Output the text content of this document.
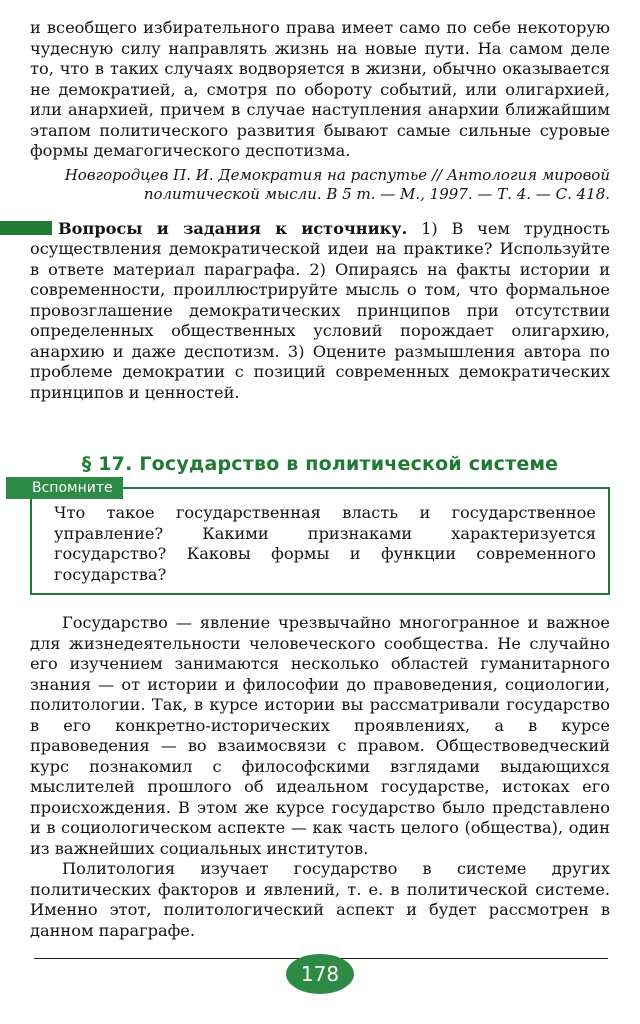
и всеобщего избирательного права имеет само по себе некоторую чудесную силу направлять жизнь на новые пути. На самом деле то, что в таких случаях водворяется в жизни, обычно оказывается не демократией, а, смотря по обороту событий, или олигархией, или анархией, причем в случае наступления анархии ближайшим этапом политического развития бывают самые сильные суровые формы демагогического деспотизма.

Новгородцев П. И. Демократия на распутье // Антология мировой политической мысли. В 5 т. — М., 1997. — Т. 4. — С. 418.

Вопросы и задания к источнику. 1) В чем трудность осуществления демократической идеи на практике? Используйте в ответе материал параграфа. 2) Опираясь на факты истории и современности, проиллюстрируйте мысль о том, что формальное провозглашение демократических принципов при отсутствии определенных общественных условий порождает олигархию, анархию и даже деспотизм. 3) Оцените размышления автора по проблеме демократии с позиций современных демократических принципов и ценностей.
§ 17. Государство в политической системе
Вспомните

Что такое государственная власть и государственное управление? Какими признаками характеризуется государство? Каковы формы и функции современного государства?

Государство — явление чрезвычайно многогранное и важное для жизнедеятельности человеческого сообщества. Не случайно его изучением занимаются несколько областей гуманитарного знания — от истории и философии до правоведения, социологии, политологии. Так, в курсе истории вы рассматривали государство в его конкретно-исторических проявлениях, а в курсе правоведения — во взаимосвязи с правом. Обществоведческий курс познакомил с философскими взглядами выдающихся мыслителей прошлого об идеальном государстве, истоках его происхождения. В этом же курсе государство было представлено и в социологическом аспекте — как часть целого (общества), один из важнейших социальных институтов.

Политология изучает государство в системе других политических факторов и явлений, т. е. в политической системе. Именно этот, политологический аспект и будет рассмотрен в данном параграфе.

178
